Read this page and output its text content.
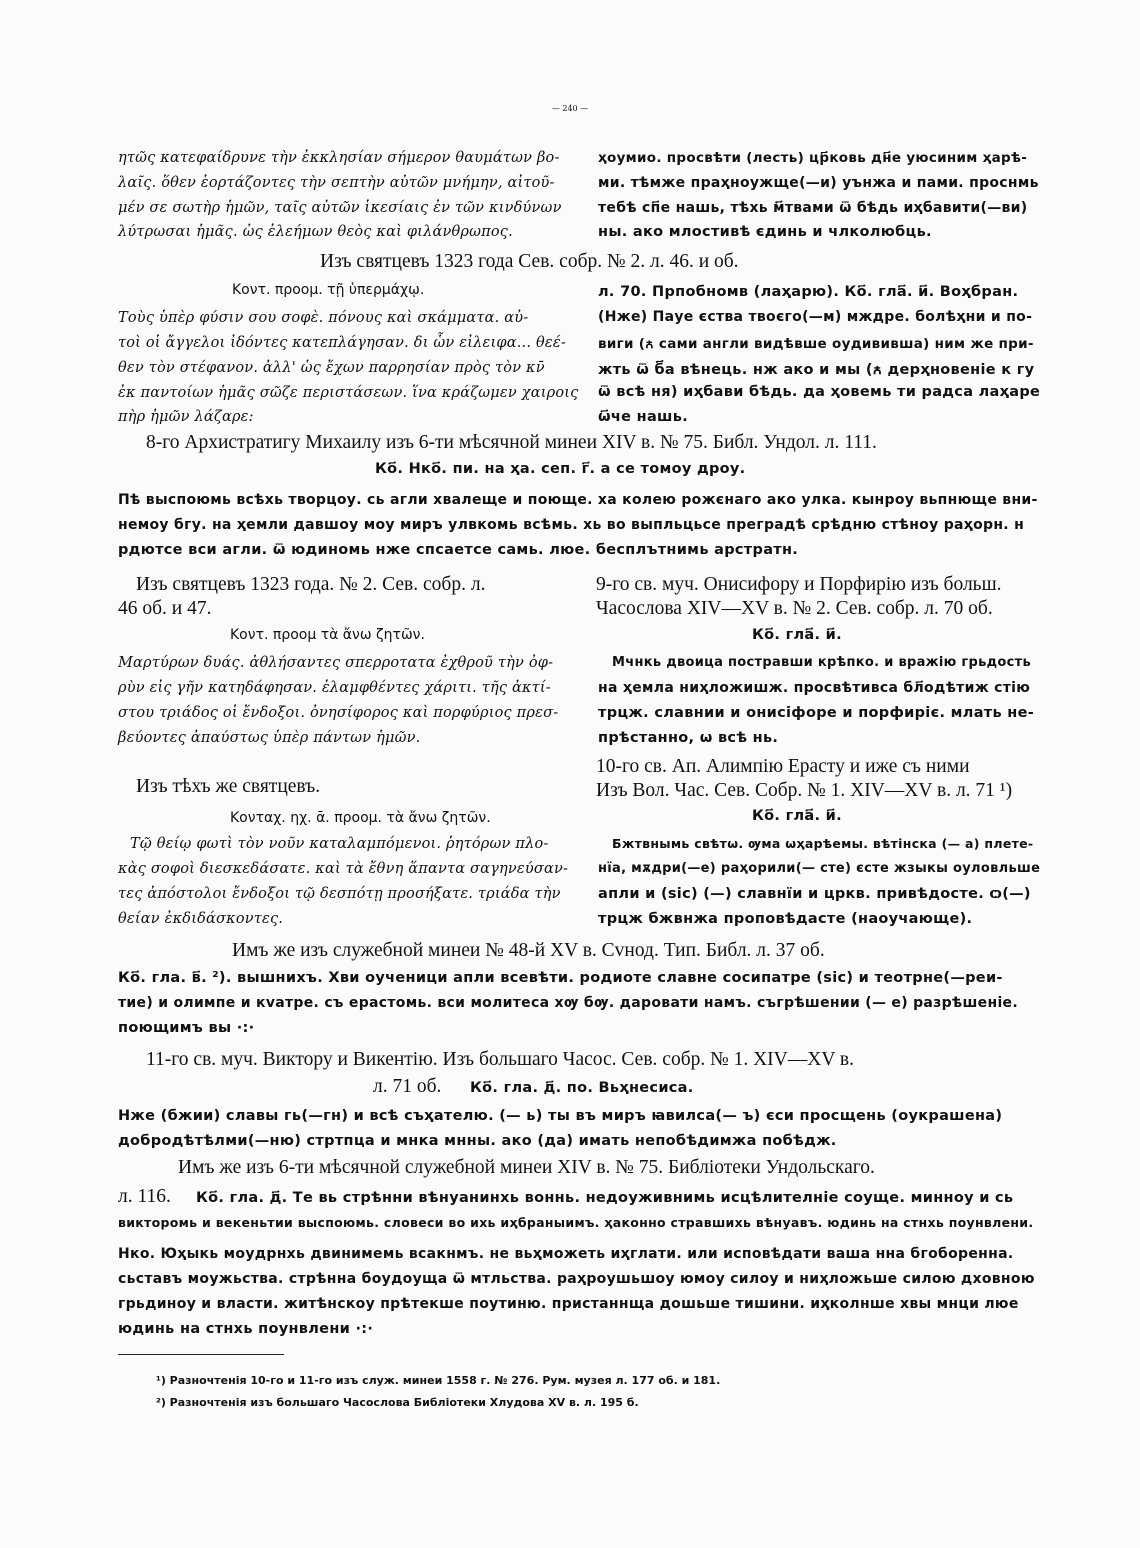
— 240 —
ητῶς κατεφαίδρυνε τὴν ἐκκλησίαν σήμερον θαυμάτων βο-
λαῖς. ὅθεν ἑορτάζοντες τὴν σεπτὴν αὐτῶν μνήμην, αἰτοῦ-
μέν σε σωτὴρ ἡμῶν, ταῖς αὐτῶν ἱκεσίαις ἐν τῶν κινδύνων
λύτρωσαι ἡμᾶς. ὡς ἐλεήμων θεὸς καὶ φιλάνθρωπος.
ҳоумио. просвѣти (лесть) цр҃ковь дн҃е уюсиним ҳарѣ-
ми. тѣмже праҳноужще(—и) уънжа и пами. проснмь
тебѣ сп҃е нашь, тѣхь м҃твами ѿ бѣдь иҳбавити(—ви)
ны. ако млостивѣ єдинь и члколюбць.
Изъ святцевъ 1323 года Сев. собр. № 2. л. 46. и об.
Κοντ. προομ. τῇ ὑπερμάχῳ.
Τοὺς ὑπὲρ φύσιν σου σοφὲ. πόνους καὶ σκάμματα. αὐ-
τοὶ οἱ ἄγγελοι ἰδόντες κατεπλάγησαν. δι ὧν εἰλειφα... θεέ-
θεν τὸν στέφανον. ἀλλ' ὡς ἔχων παρρησίαν πρὸς τὸν κν̄
ἐκ παντοίων ἡμᾶς σῶζε περιστάσεων. ἵνα κράζωμεν χαιροις
πὴρ ἡμῶν λάζαρε:
л. 70. Прпобномв (лаҳарю). Ко҃. гла҃. и҃. Воҳбран.
(Нже) Пауе єства твоєго(—м) мждре. болѣҳни и по-
виги (ꙉ сами англи видѣвше оудививша) ним же при-
жть ѿ б҃а вѣнець. нж ако и мы (ꙉ дерҳновеніе к гу
ѿ всѣ ня) иҳбави бѣдь. да ҳовемь ти радса лаҳаре
ѡ҃че нашь.
8-го Архистратигу Михаилу изъ 6-ти мѣсячной минеи XIV в. № 75. Библ. Ундол. л. 111.
Ко҃. Нко҃. пи. на ҳа. сеп. г҃. а се томоу дроу.
Пѣ выспоюмь всѣхь творцоу. сь агли хвалеще и поюще. ха колею рожєнаго ако улка. кынроу вьпнюще вни-
немоу бгу. на ҳемли давшоу моу миръ улвкомь всѣмь. хь во выпльцьсе преградѣ срѣдню стѣноу раҳорн. н
рдютсе вси агли. ѿ юдиномь нже спсаетсе самь. люе. бесплътнимь арстратн.
Изъ святцевъ 1323 года. № 2. Сев. собр. л.
46 об. и 47.
Κοντ. προομ τὰ ἄνω ζητῶν.
Μαρτύρων δυάς. ἀθλήσαντες σπερροτατα ἐχθροῦ τὴν ὀφ-
ρὺν εἰς γῆν κατηδάφησαν. ἐλαμφθέντες χάριτι. τῆς ἀκτί-
στου τριάδος οἱ ἔνδοξοι. ὀνησίφορος καὶ πορφύριος πρεσ-
βεύοντες ἀπαύστως ὑπὲρ πάντων ἡμῶν.
9-го св. муч. Онисифору и Порфирію изъ больш.
Часослова XIV—XV в. № 2. Сев. собр. л. 70 об.
Ко҃. гла҃. и҃.
Мчнкь двоица постравши крѣпко. и вражію грьдость
на ҳемла ниҳложишж. просвѣтивса бл҃одѣтиж стію
трцж. славнии и онисіфоре и порфиріє. млать не-
прѣстанно, ѡ всѣ нь.
Изъ тѣхъ же святцевъ.
Κονταχ. ηχ. ᾱ. προομ. τὰ ἄνω ζητῶν.
Τῷ θείῳ φωτὶ τὸν νοῦν καταλαμπόμενοι. ῥητόρων πλο-
κὰς σοφοὶ διεσκεδάσατε. καὶ τὰ ἔθνη ἅπαντα σαγηνεύσαν-
τες ἀπόστολοι ἔνδοξοι τῷ δεσπότῃ προσήξατε. τριάδα τὴν
θείαν ἐκδιδάσκοντες.
10-го св. Ап. Алимпію Ерасту и иже съ ними
Изъ Вол. Час. Сев. Собр. № 1. XIV—XV в. л. 71 ¹)
Ко҃. гла҃. и҃.
Бжтвнымь свѣтѡ. ѹма ѡҳарѣемы. вѣтінска (— а) плете-
нїа, мѫдри(—е) раҳорили(— сте) єсте жзыкы оуловльше
апли и (sic) (—) славнїи и цркв. привѣдосте. ѻ(—)
трцж бжвнжа проповѣдасте (наоучающе).
Имъ же изъ служебной минеи № 48-й XV в. Сvнод. Тип. Библ. л. 37 об.
Ко҃. гла. в҃. ²). вышнихъ. Хви оученици апли всевѣти. родиоте славне сосипатре (sic) и теотрне(—реи-
тие) и олимпе и кvатре. съ ерастомь. вси молитеса хѹ бѹ. даровати намъ. съгрѣшении (— е) разрѣшеніе.
поющимъ вы ·:·
11-го св. муч. Виктору и Викентію. Изъ большаго Часос. Сев. собр. № 1. XIV—XV в.
л. 71 об. Ко҃. гла. д҃. по. Вьҳнесиса.
Нже (бжии) славы гь(—гн) и всѣ съҳателю. (— ь) ты въ миръ ꙗвилса(— ъ) єси просщень (оукрашена)
добродѣтѣлми(—ню) стртпца и мнка мнны. ако (да) имать непобѣдимжа побѣдж.
Имъ же изъ 6-ти мѣсячной служебной минеи XIV в. № 75. Библіотеки Ундольскаго.
л. 116. Ко҃. гла. д҃. Те вь стрѣнни вѣнуанинхь воннь. недоуживнимь исцѣлителніе соуще. минноу и сь
викторомь и векеньтии выспоюмь. словеси во ихь иҳбраныимъ. ҳаконно стравшихь вѣнуавъ. юдинь на стнхь поунвлени.
Нко. Юҳыкь моудрнхь двинимемь всакнмъ. не вьҳможеть иҳглати. или исповѣдати ваша нна бгоборенна.
сьставъ моужьства. стрѣнна боудоуща ѿ мтльства. раҳроушьшоу юмоу силоу и ниҳложьше силою дховною
грьдиноу и власти. житѣнскоу прѣтекше поутиню. пристаннща дошьше тишини. иҳколнше хвы мнци люе
юдинь на стнхь поунвлени ·:·
¹) Разночтенія 10-го и 11-го изъ служ. минеи 1558 г. № 276. Рум. музея л. 177 об. и 181.
²) Разночтенія изъ большаго Часослова Библіотеки Хлудова XV в. л. 195 б.
